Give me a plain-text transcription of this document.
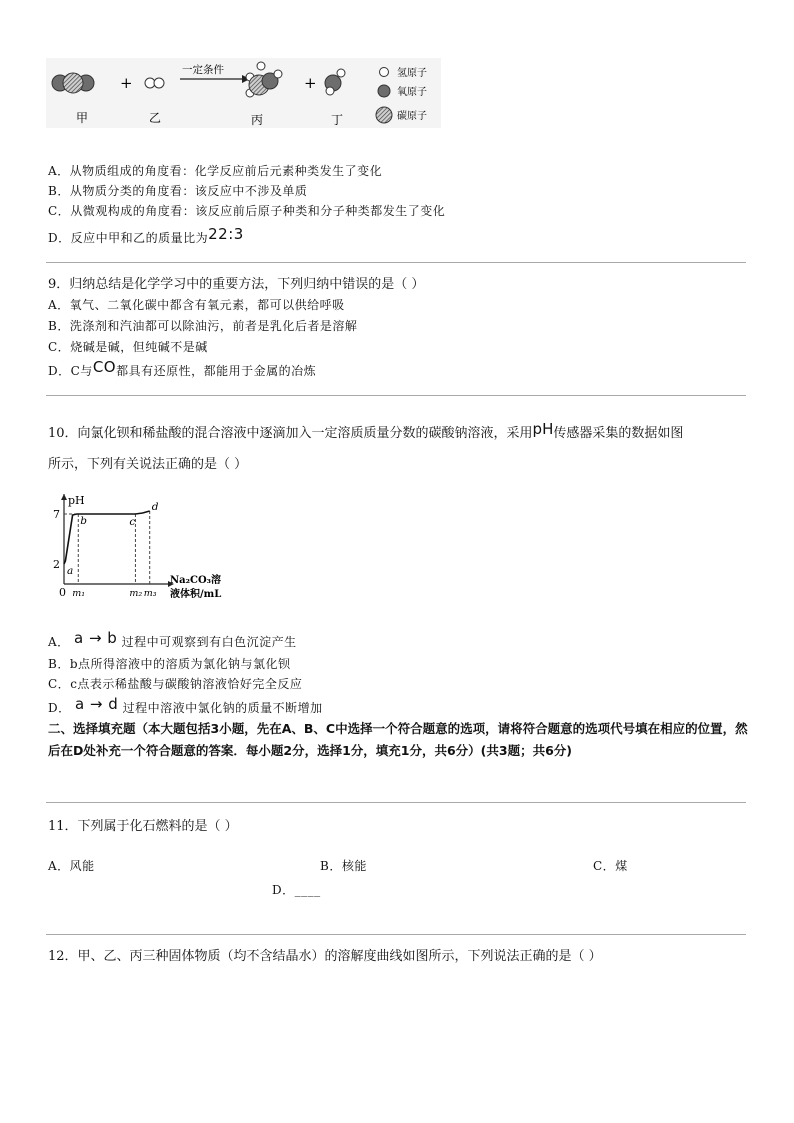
+
一定条件
+
氢原子
氧原子
碳原子
甲	乙	丙	丁
A．从物质组成的角度看：化学反应前后元素种类发生了变化
B．从物质分类的角度看：该反应中不涉及单质
C．从微观构成的角度看：该反应前后原子种类和分子种类都发生了变化
D．反应中甲和乙的质量比为22:3
9．归纳总结是化学学习中的重要方法，下列归纳中错误的是（ ）
A．氧气、二氧化碳中都含有氧元素，都可以供给呼吸
B．洗涤剂和汽油都可以除油污，前者是乳化后者是溶解
C．烧碱是碱，但纯碱不是碱
D．C与CO都具有还原性，都能用于金属的冶炼
10．向氯化钡和稀盐酸的混合溶液中逐滴加入一定溶质质量分数的碳酸钠溶液，采用pH传感器采集的数据如图
所示，下列有关说法正确的是（ ）
pH
0
2
7
m₁	m₂ m₃
Na₂CO₃溶
液体积/mL
a
b	c
d
A． a → b 过程中可观察到有白色沉淀产生
B．b点所得溶液中的溶质为氯化钠与氯化钡
C．c点表示稀盐酸与碳酸钠溶液恰好完全反应
D． a → d 过程中溶液中氯化钠的质量不断增加
二、选择填充题（本大题包括3小题，先在A、B、C中选择一个符合题意的选项，请将符合题意的选项代号填在相应的位置，然后在D处补充一个符合题意的答案．每小题2分，选择1分，填充1分，共6分）(共3题；共6分)
11．下列属于化石燃料的是（ ）
A．风能	B．核能	C．煤
D．____
12．甲、乙、丙三种固体物质（均不含结晶水）的溶解度曲线如图所示，下列说法正确的是（ ）
